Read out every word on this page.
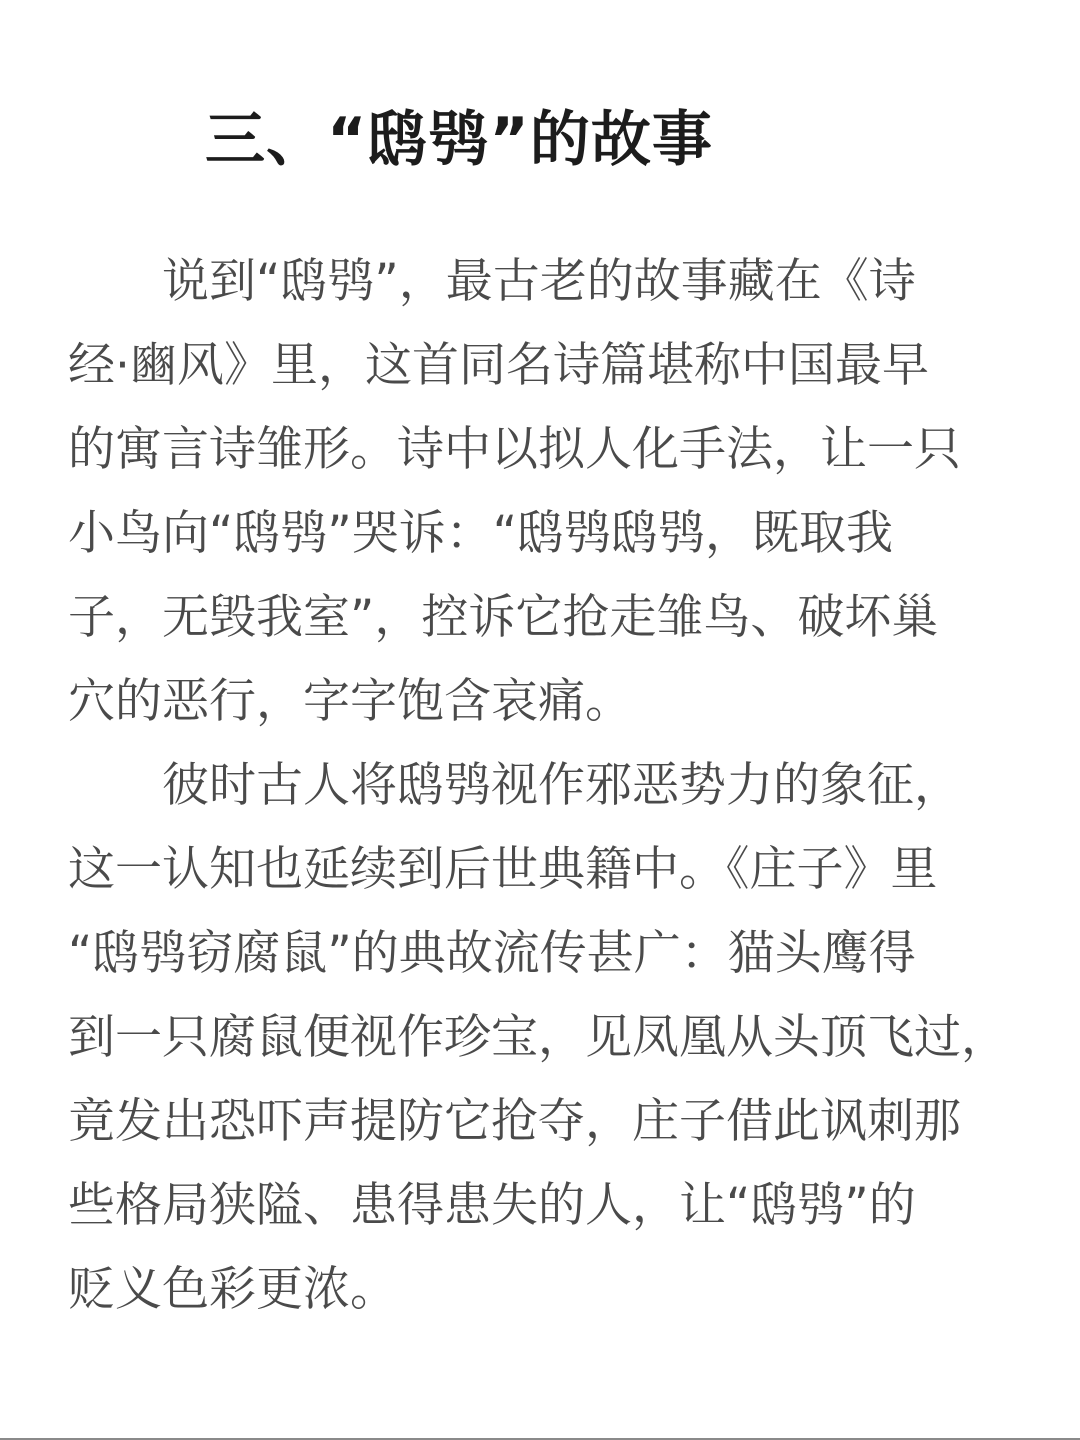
三、“鸱鸮”的故事
　　说到“鸱鸮”，最古老的故事藏在《诗
经·豳风》里，这首同名诗篇堪称中国最早
的寓言诗雏形。诗中以拟人化手法，让一只
小鸟向“鸱鸮”哭诉：“鸱鸮鸱鸮，既取我
子，无毁我室”，控诉它抢走雏鸟、破坏巢
穴的恶行，字字饱含哀痛。
　　彼时古人将鸱鸮视作邪恶势力的象征，
这一认知也延续到后世典籍中。《庄子》里
“鸱鸮窃腐鼠”的典故流传甚广：猫头鹰得
到一只腐鼠便视作珍宝，见凤凰从头顶飞过，
竟发出恐吓声提防它抢夺，庄子借此讽刺那
些格局狭隘、患得患失的人，让“鸱鸮”的
贬义色彩更浓。
